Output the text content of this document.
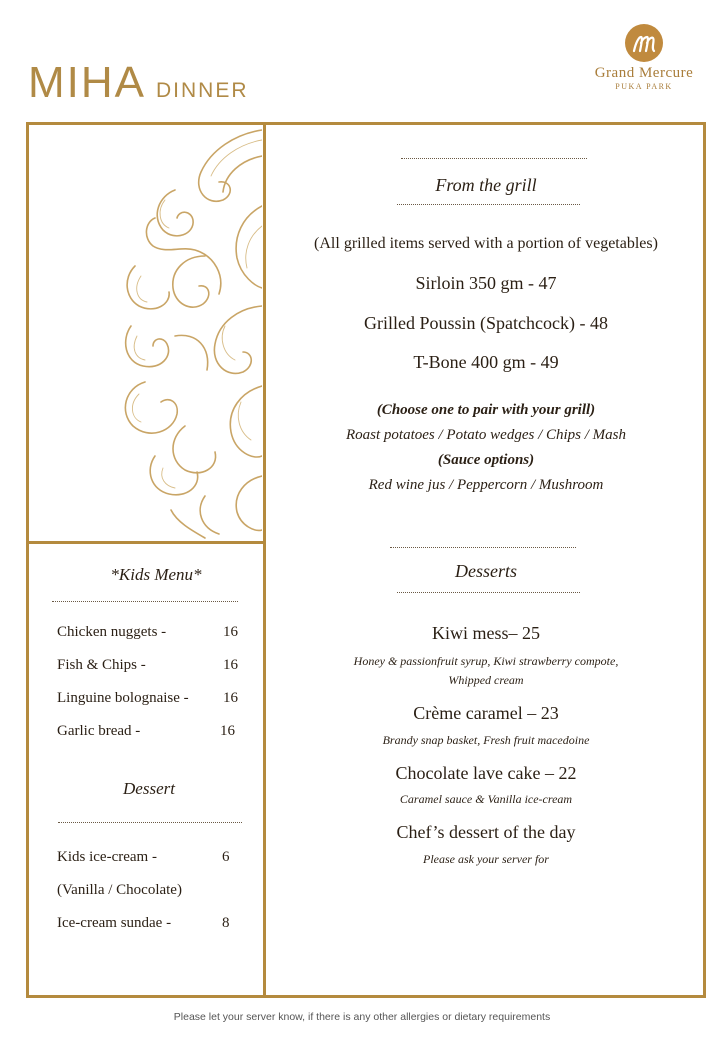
MIHA DINNER
Grand Mercure
PUKA PARK
From the grill
(All grilled items served with a portion of vegetables)
Sirloin 350 gm - 47
Grilled Poussin (Spatchcock) - 48
T-Bone 400 gm - 49
(Choose one to pair with your grill)
Roast potatoes / Potato wedges / Chips / Mash
(Sauce options)
Red wine jus / Peppercorn / Mushroom
Desserts
Kiwi mess– 25
Honey & passionfruit syrup, Kiwi strawberry compote,
Whipped cream
Crème caramel – 23
Brandy snap basket, Fresh fruit macedoine
Chocolate lave cake – 22
Caramel sauce & Vanilla ice-cream
Chef’s dessert of the day
Please ask your server for
*Kids Menu*
Chicken nuggets -	16
Fish & Chips -	16
Linguine bolognaise - 16
Garlic bread -	16
Dessert
Kids ice-cream -	6
(Vanilla / Chocolate)
Ice-cream sundae -	8
Please let your server know, if there is any other allergies or dietary requirements
